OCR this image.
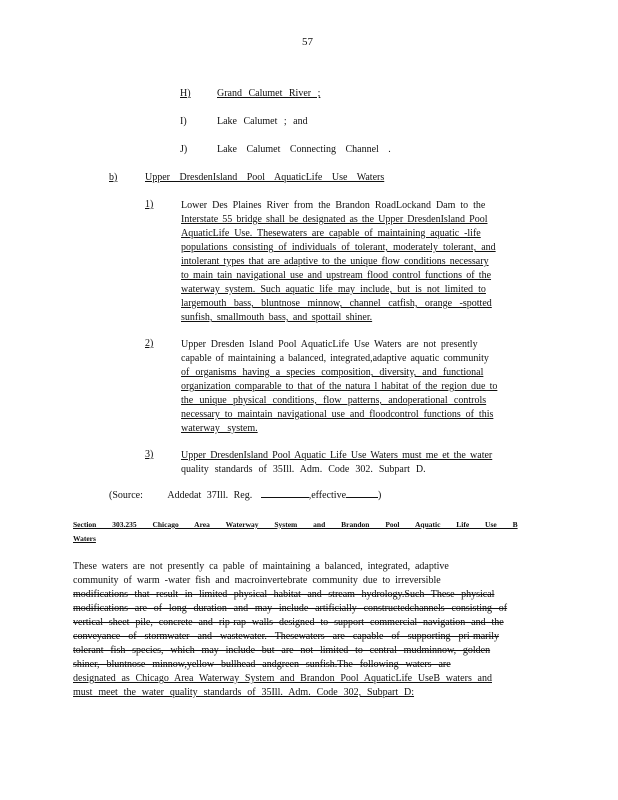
57
H)	Grand Calumet River ;
I)	Lake Calumet ; and
J)	Lake Calumet Connecting Channel .
b)	Upper DresdenIsland Pool AquaticLife Use Waters
1)	Lower Des Plaines River from the Brandon RoadLockand Dam to the
Interstate 55 bridge shall be designated as the Upper DresdenIsland Pool
AquaticLife Use. Thesewaters are capable of maintaining aquatic -life
populations consisting of individuals of tolerant, moderately tolerant, and
intolerant types that are adaptive to the unique flow conditions necessary
to main tain navigational use and upstream flood control functions of the
waterway system. Such aquatic life may include, but is not limited to
largemouth bass, bluntnose minnow, channel catfish, orange -spotted
sunfish, smallmouth bass, and spottail shiner.
2)	Upper Dresden Island Pool AquaticLife Use Waters are not presently
capable of maintaining a balanced, integrated,adaptive aquatic community
of organisms having a species composition, diversity, and functional
organization comparable to that of the natura l habitat of the region due to
the unique physical conditions, flow patterns, andoperational controls
necessary to maintain navigational use and floodcontrol functions of this
waterway system.
3)	Upper DresdenIsland Pool Aquatic Life Use Waters must me et the water
quality standards of 35Ill. Adm. Code 302. Subpart D.
(Source: Addedat 37Ill. Reg.	,effective	)
Section 303.235 Chicago Area Waterway System and Brandon Pool Aquatic Life Use B
Waters
These waters are not presently ca pable of maintaining a balanced, integrated, adaptive
community of warm -water fish and macroinvertebrate community due to irreversible
modifications that result in limited physical habitat and stream hydrology.Such These physical
modifications are of long duration and may include artificially constructedchannels consisting of
vertical sheet pile, concrete and rip-rap walls designed to support commercial navigation and the
conveyance of stormwater and wastewater. Thesewaters are capable of supporting pri-marily
tolerant fish species, which may include but are not limited to central mudminnow, golden
shiner, bluntnose minnow,yellow bullhead andgreen sunfish.The following waters are
designated as Chicago Area Waterway System and Brandon Pool AquaticLife UseB waters and
must meet the water quality standards of 35Ill. Adm. Code 302, Subpart D:
